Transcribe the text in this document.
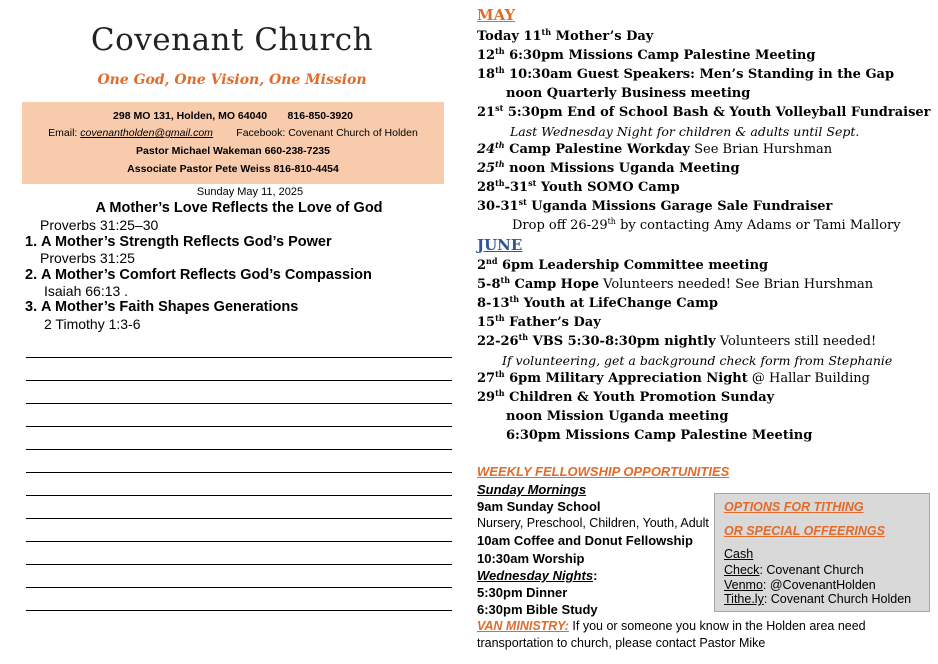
Covenant Church
One God, One Vision, One Mission
298 MO 131, Holden, MO 64040 816-850-3920
Email: covenantholden@gmail.com Facebook: Covenant Church of Holden
Pastor Michael Wakeman 660-238-7235
Associate Pastor Pete Weiss 816-810-4454
Sunday May 11, 2025
A Mother’s Love Reflects the Love of God
Proverbs 31:25–30
1. A Mother’s Strength Reflects God’s Power
Proverbs 31:25
2. A Mother’s Comfort Reflects God’s Compassion
Isaiah 66:13 .
3. A Mother’s Faith Shapes Generations
2 Timothy 1:3-6
MAY
Today 11th Mother’s Day
12th 6:30pm Missions Camp Palestine Meeting
18th 10:30am Guest Speakers: Men’s Standing in the Gap
noon Quarterly Business meeting
21st 5:30pm End of School Bash & Youth Volleyball Fundraiser
Last Wednesday Night for children & adults until Sept.
24th Camp Palestine Workday See Brian Hurshman
25th noon Missions Uganda Meeting
28th-31st Youth SOMO Camp
30-31st Uganda Missions Garage Sale Fundraiser
Drop off 26-29th by contacting Amy Adams or Tami Mallory
JUNE
2nd 6pm Leadership Committee meeting
5-8th Camp Hope Volunteers needed! See Brian Hurshman
8-13th Youth at LifeChange Camp
15th Father’s Day
22-26th VBS 5:30-8:30pm nightly Volunteers still needed!
If volunteering, get a background check form from Stephanie
27th 6pm Military Appreciation Night @ Hallar Building
29th Children & Youth Promotion Sunday
noon Mission Uganda meeting
6:30pm Missions Camp Palestine Meeting
WEEKLY FELLOWSHIP OPPORTUNITIES
Sunday Mornings
9am Sunday School
Nursery, Preschool, Children, Youth, Adult
10am Coffee and Donut Fellowship
10:30am Worship
Wednesday Nights:
5:30pm Dinner
6:30pm Bible Study
VAN MINISTRY: If you or someone you know in the Holden area need
transportation to church, please contact Pastor Mike
OPTIONS FOR TITHING
OR SPECIAL OFFEERINGS
Cash
Check: Covenant Church
Venmo: @CovenantHolden
Tithe.ly: Covenant Church Holden
